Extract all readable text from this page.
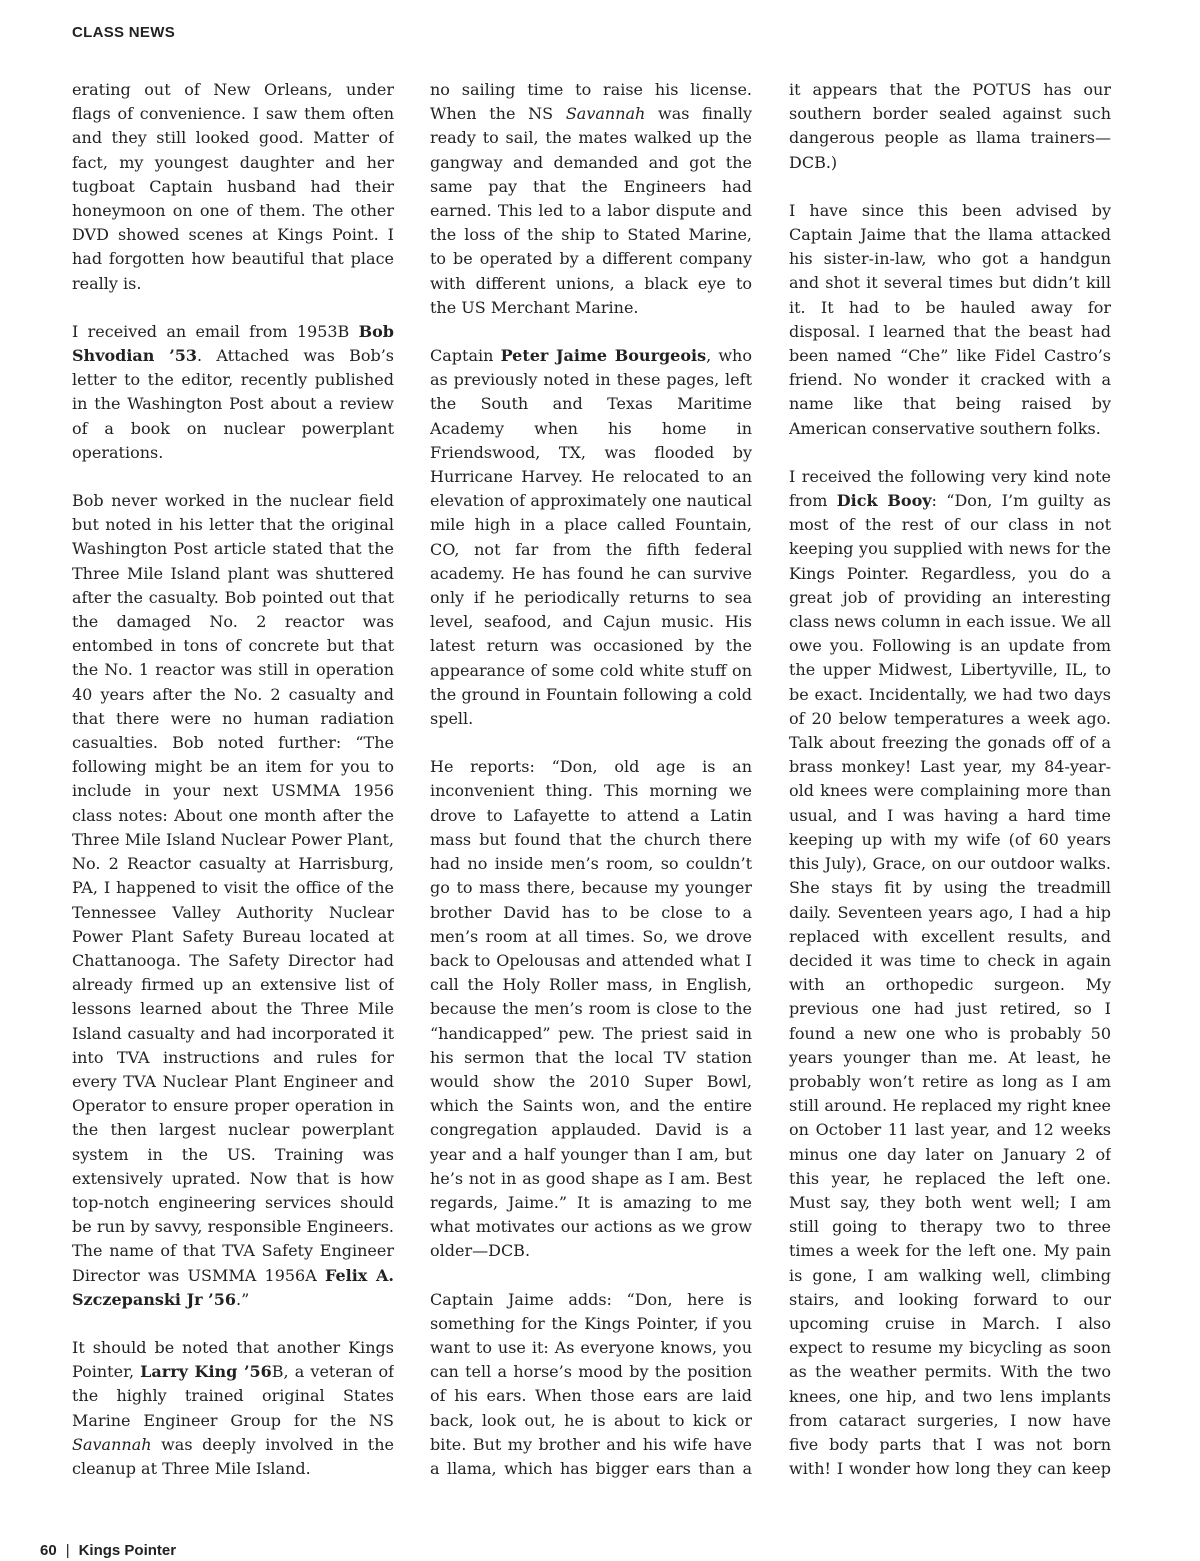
CLASS NEWS

erating out of New Orleans, under flags of convenience. I saw them often and they still looked good. Matter of fact, my youngest daughter and her tugboat Captain husband had their honeymoon on one of them. The other DVD showed scenes at Kings Point. I had forgotten how beautiful that place really is.

I received an email from 1953B Bob Shvodian ’53. Attached was Bob’s letter to the editor, recently published in the Washington Post about a review of a book on nuclear powerplant operations.

Bob never worked in the nuclear field but noted in his letter that the original Washington Post article stated that the Three Mile Island plant was shuttered after the casualty. Bob pointed out that the damaged No. 2 reactor was entombed in tons of concrete but that the No. 1 reactor was still in operation 40 years after the No. 2 casualty and that there were no human radiation casualties. Bob noted further: “The following might be an item for you to include in your next USMMA 1956 class notes: About one month after the Three Mile Island Nuclear Power Plant, No. 2 Reactor casualty at Harrisburg, PA, I happened to visit the office of the Tennessee Valley Authority Nuclear Power Plant Safety Bureau located at Chattanooga. The Safety Director had already firmed up an extensive list of lessons learned about the Three Mile Island casualty and had incorporated it into TVA instructions and rules for every TVA Nuclear Plant Engineer and Operator to ensure proper operation in the then largest nuclear powerplant system in the US. Training was extensively uprated. Now that is how top-notch engineering services should be run by savvy, responsible Engineers. The name of that TVA Safety Engineer Director was USMMA 1956A Felix A. Szczepanski Jr ’56.”

It should be noted that another Kings Pointer, Larry King ’56B, a veteran of the highly trained original States Marine Engineer Group for the NS Savannah was deeply involved in the cleanup at Three Mile Island.

no sailing time to raise his license. When the NS Savannah was finally ready to sail, the mates walked up the gangway and demanded and got the same pay that the Engineers had earned. This led to a labor dispute and the loss of the ship to Stated Marine, to be operated by a different company with different unions, a black eye to the US Merchant Marine.

Captain Peter Jaime Bourgeois, who as previously noted in these pages, left the South and Texas Maritime Academy when his home in Friendswood, TX, was flooded by Hurricane Harvey. He relocated to an elevation of approximately one nautical mile high in a place called Fountain, CO, not far from the fifth federal academy. He has found he can survive only if he periodically returns to sea level, seafood, and Cajun music. His latest return was occasioned by the appearance of some cold white stuff on the ground in Fountain following a cold spell.

He reports: “Don, old age is an inconvenient thing. This morning we drove to Lafayette to attend a Latin mass but found that the church there had no inside men’s room, so couldn’t go to mass there, because my younger brother David has to be close to a men’s room at all times. So, we drove back to Opelousas and attended what I call the Holy Roller mass, in English, because the men’s room is close to the “handicapped” pew. The priest said in his sermon that the local TV station would show the 2010 Super Bowl, which the Saints won, and the entire congregation applauded. David is a year and a half younger than I am, but he’s not in as good shape as I am. Best regards, Jaime.” It is amazing to me what motivates our actions as we grow older—DCB.

Captain Jaime adds: “Don, here is something for the Kings Pointer, if you want to use it: As everyone knows, you can tell a horse’s mood by the position of his ears. When those ears are laid back, look out, he is about to kick or bite. But my brother and his wife have a llama, which has bigger ears than a

it appears that the POTUS has our southern border sealed against such dangerous people as llama trainers—DCB.)

I have since this been advised by Captain Jaime that the llama attacked his sister-in-law, who got a handgun and shot it several times but didn’t kill it. It had to be hauled away for disposal. I learned that the beast had been named “Che” like Fidel Castro’s friend. No wonder it cracked with a name like that being raised by American conservative southern folks.

I received the following very kind note from Dick Booy: “Don, I’m guilty as most of the rest of our class in not keeping you supplied with news for the Kings Pointer. Regardless, you do a great job of providing an interesting class news column in each issue. We all owe you. Following is an update from the upper Midwest, Libertyville, IL, to be exact. Incidentally, we had two days of 20 below temperatures a week ago. Talk about freezing the gonads off of a brass monkey! Last year, my 84-year-old knees were complaining more than usual, and I was having a hard time keeping up with my wife (of 60 years this July), Grace, on our outdoor walks. She stays fit by using the treadmill daily. Seventeen years ago, I had a hip replaced with excellent results, and decided it was time to check in again with an orthopedic surgeon. My previous one had just retired, so I found a new one who is probably 50 years younger than me. At least, he probably won’t retire as long as I am still around. He replaced my right knee on October 11 last year, and 12 weeks minus one day later on January 2 of this year, he replaced the left one. Must say, they both went well; I am still going to therapy two to three times a week for the left one. My pain is gone, I am walking well, climbing stairs, and looking forward to our upcoming cruise in March. I also expect to resume my bicycling as soon as the weather permits. With the two knees, one hip, and two lens implants from cataract surgeries, I now have five body parts that I was not born with! I wonder how long they can keep

60 | Kings Pointer
